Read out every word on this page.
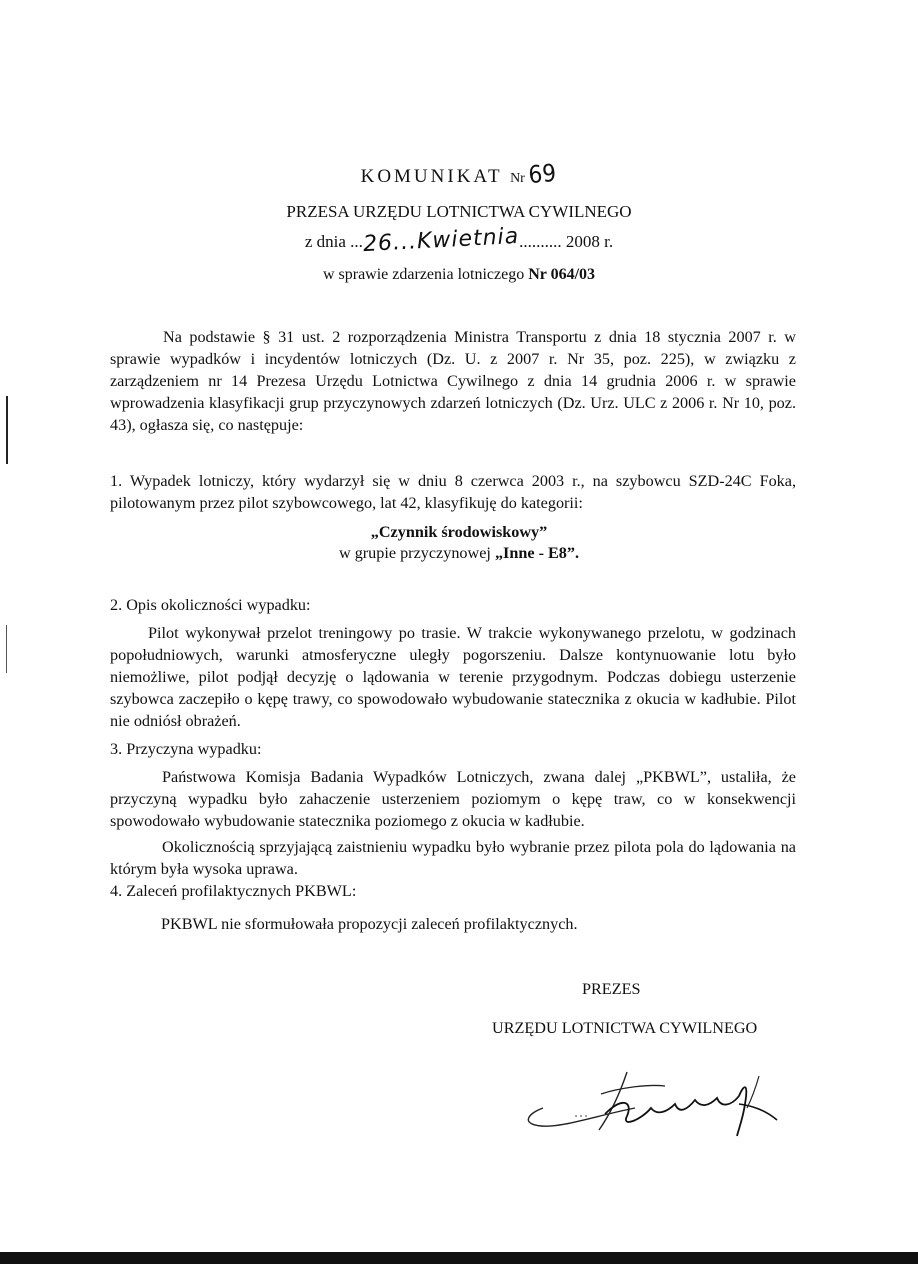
KOMUNIKAT Nr69
PRZESA URZĘDU LOTNICTWA CYWILNEGO
z dnia ...26...Kwietnia.......... 2008 r.
w sprawie zdarzenia lotniczego Nr 064/03
Na podstawie § 31 ust. 2 rozporządzenia Ministra Transportu z dnia 18 stycznia 2007 r. w sprawie wypadków i incydentów lotniczych (Dz. U. z 2007 r. Nr 35, poz. 225), w związku z zarządzeniem nr 14 Prezesa Urzędu Lotnictwa Cywilnego z dnia 14 grudnia 2006 r. w sprawie wprowadzenia klasyfikacji grup przyczynowych zdarzeń lotniczych (Dz. Urz. ULC z 2006 r. Nr 10, poz. 43), ogłasza się, co następuje:
1. Wypadek lotniczy, który wydarzył się w dniu 8 czerwca 2003 r., na szybowcu SZD-24C Foka, pilotowanym przez pilot szybowcowego, lat 42, klasyfikuję do kategorii:
„Czynnik środowiskowy”
w grupie przyczynowej „Inne - E8”.
2. Opis okoliczności wypadku:
Pilot wykonywał przelot treningowy po trasie. W trakcie wykonywanego przelotu, w godzinach popołudniowych, warunki atmosferyczne uległy pogorszeniu. Dalsze kontynuowanie lotu było niemożliwe, pilot podjął decyzję o lądowania w terenie przygodnym. Podczas dobiegu usterzenie szybowca zaczepiło o kępę trawy, co spowodowało wybudowanie statecznika z okucia w kadłubie. Pilot nie odniósł obrażeń.
3. Przyczyna wypadku:
Państwowa Komisja Badania Wypadków Lotniczych, zwana dalej „PKBWL”, ustaliła, że przyczyną wypadku było zahaczenie usterzeniem poziomym o kępę traw, co w konsekwencji spowodowało wybudowanie statecznika poziomego z okucia w kadłubie.
Okolicznością sprzyjającą zaistnieniu wypadku było wybranie przez pilota pola do lądowania na którym była wysoka uprawa.
4. Zaleceń profilaktycznych PKBWL:
PKBWL nie sformułowała propozycji zaleceń profilaktycznych.
PREZES
URZĘDU LOTNICTWA CYWILNEGO
